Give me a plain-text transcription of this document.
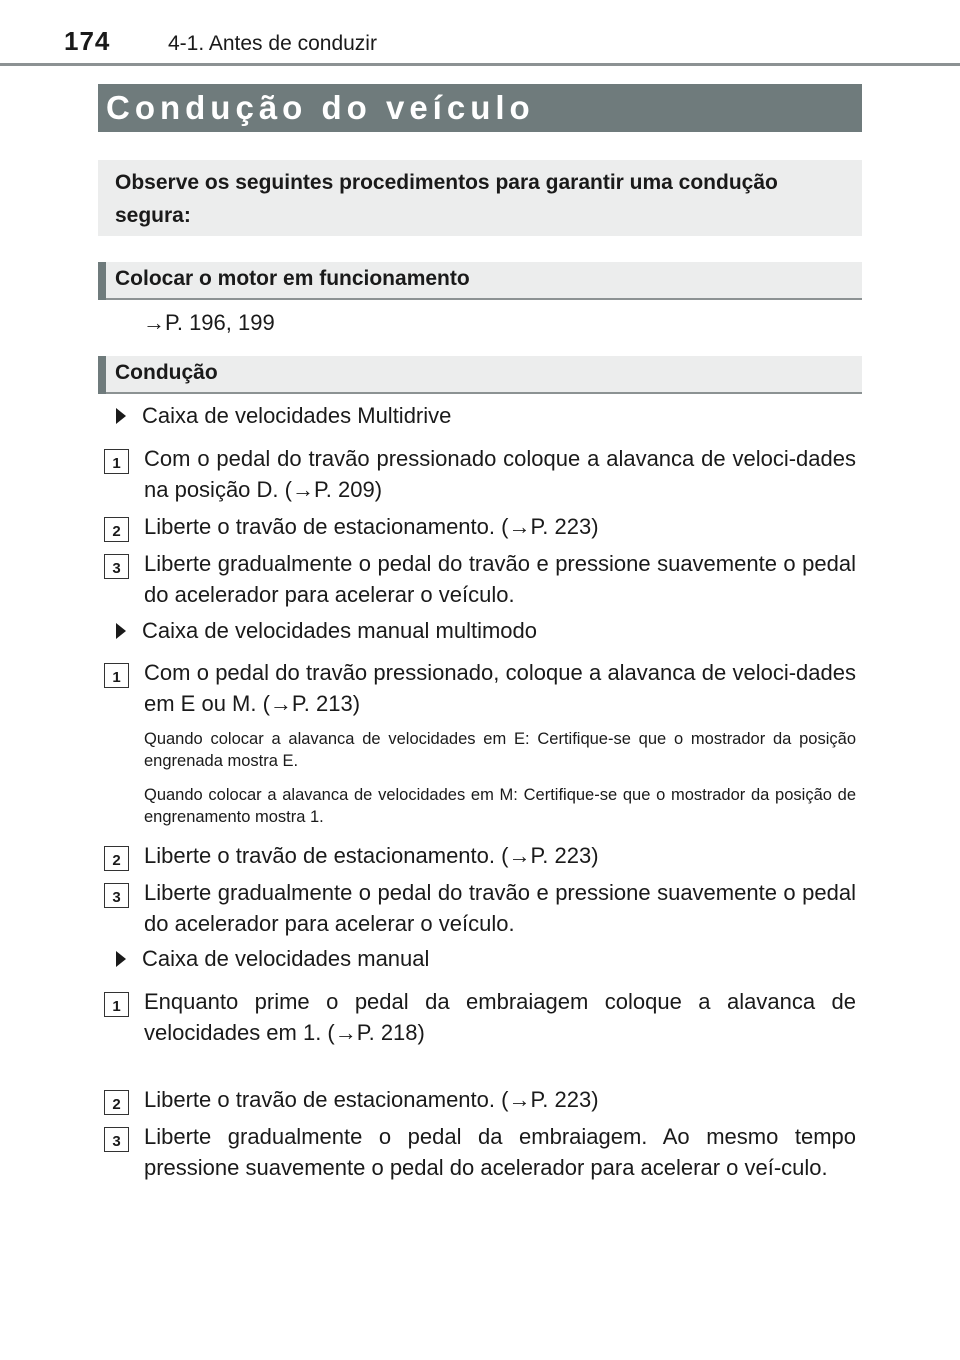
174	4-1. Antes de conduzir
Condução do veículo
Observe os seguintes procedimentos para garantir uma condução segura:
Colocar o motor em funcionamento
→P. 196, 199
Condução
Caixa de velocidades Multidrive
1	Com o pedal do travão pressionado coloque a alavanca de veloci-dades na posição D. (→P. 209)
2	Liberte o travão de estacionamento. (→P. 223)
3	Liberte gradualmente o pedal do travão e pressione suavemente o pedal do acelerador para acelerar o veículo.
Caixa de velocidades manual multimodo
1	Com o pedal do travão pressionado, coloque a alavanca de veloci-dades em E ou M. (→P. 213)
Quando colocar a alavanca de velocidades em E: Certifique-se que o mostrador da posição engrenada mostra E.
Quando colocar a alavanca de velocidades em M: Certifique-se que o mostrador da posição de engrenamento mostra 1.
2	Liberte o travão de estacionamento. (→P. 223)
3	Liberte gradualmente o pedal do travão e pressione suavemente o pedal do acelerador para acelerar o veículo.
Caixa de velocidades manual
1	Enquanto prime o pedal da embraiagem coloque a alavanca de velocidades em 1. (→P. 218)
2	Liberte o travão de estacionamento. (→P. 223)
3	Liberte gradualmente o pedal da embraiagem. Ao mesmo tempo pressione suavemente o pedal do acelerador para acelerar o veí-culo.
